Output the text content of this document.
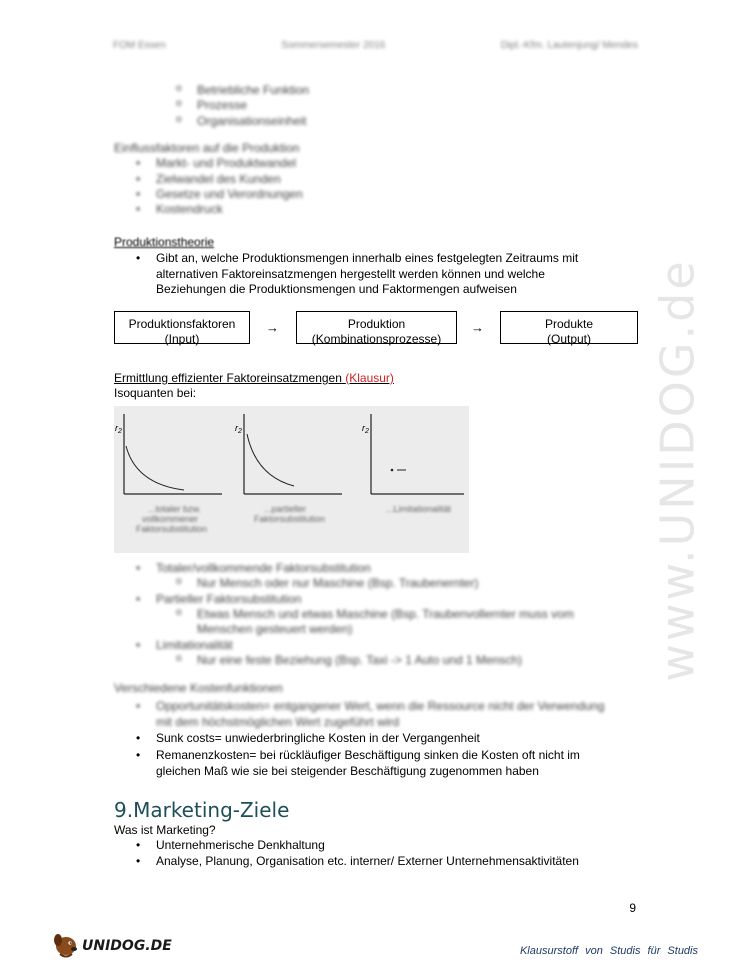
FOM Essen	Sommersemester 2016	Dipl.-Kfm. Lautenjung/ Mendes
www.UNIDOG.de
o Betriebliche Funktion
o Prozesse
o Organisationseinheit
Einflussfaktoren auf die Produktion
• Markt- und Produktwandel
• Zielwandel des Kunden
• Gesetze und Verordnungen
• Kostendruck
Produktionstheorie
• Gibt an, welche Produktionsmengen innerhalb eines festgelegten Zeitraums mit
alternativen Faktoreinsatzmengen hergestellt werden können und welche
Beziehungen die Produktionsmengen und Faktormengen aufweisen
Produktionsfaktoren
(Input)
→	Produktion
(Kombinationsprozesse)
→	Produkte
(Output)
Ermittlung effizienter Faktoreinsatzmengen (Klausur)
Isoquanten bei:
$r_2$	$r_2$	$r_2$
...totaler bzw. vollkommener Faktorsubstitution
...partieller Faktorsubstitution
...Limitationalität
• Totaler/vollkommende Faktorsubstitution
o Nur Mensch oder nur Maschine (Bsp. Traubenernter)
• Partieller Faktorsubstitution
o Etwas Mensch und etwas Maschine (Bsp. Traubenvollernter muss vom
Menschen gesteuert werden)
• Limitationalität
o Nur eine feste Beziehung (Bsp. Taxi -> 1 Auto und 1 Mensch)
Verschiedene Kostenfunktionen
• Opportunitätskosten= entgangener Wert, wenn die Ressource nicht der Verwendung
mit dem höchstmöglichen Wert zugeführt wird
• Sunk costs= unwiederbringliche Kosten in der Vergangenheit
• Remanenzkosten= bei rückläufiger Beschäftigung sinken die Kosten oft nicht im
gleichen Maß wie sie bei steigender Beschäftigung zugenommen haben
9.Marketing-Ziele
Was ist Marketing?
• Unternehmerische Denkhaltung
• Analyse, Planung, Organisation etc. interner/ Externer Unternehmensaktivitäten
9
UNIDOG.DE	Klausurstoff von Studis für Studis
